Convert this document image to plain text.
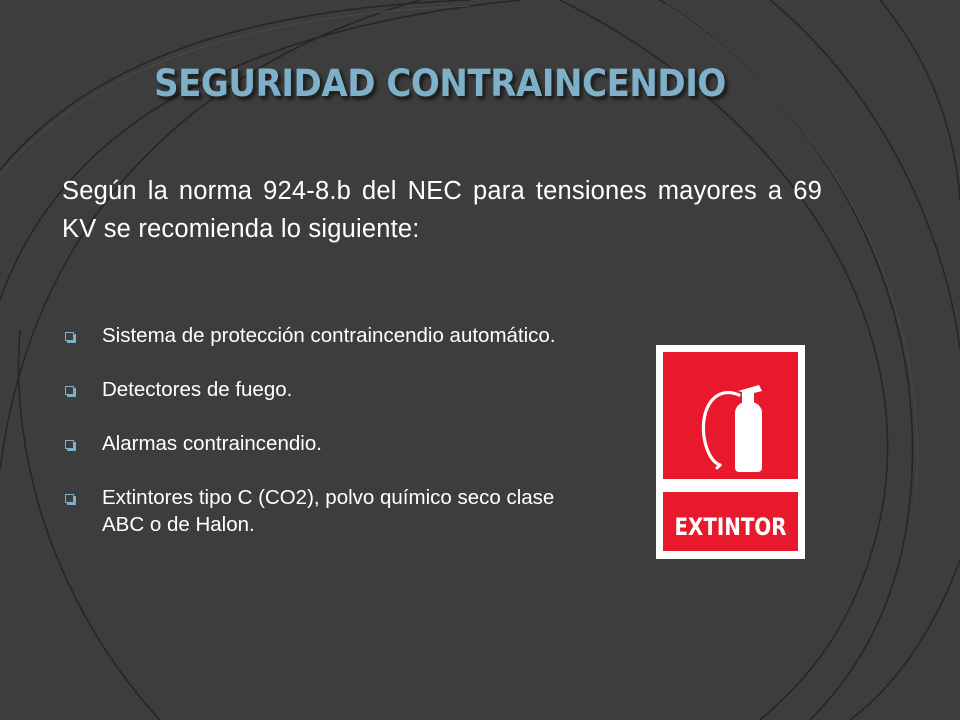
SEGURIDAD CONTRAINCENDIO

Según la norma 924-8.b del NEC para tensiones mayores a 69 KV se recomienda lo siguiente:

Sistema de protección contraincendio automático.
Detectores de fuego.
Alarmas contraincendio.
Extintores tipo C (CO2), polvo químico seco clase ABC o de Halon.	EXTINTOR
